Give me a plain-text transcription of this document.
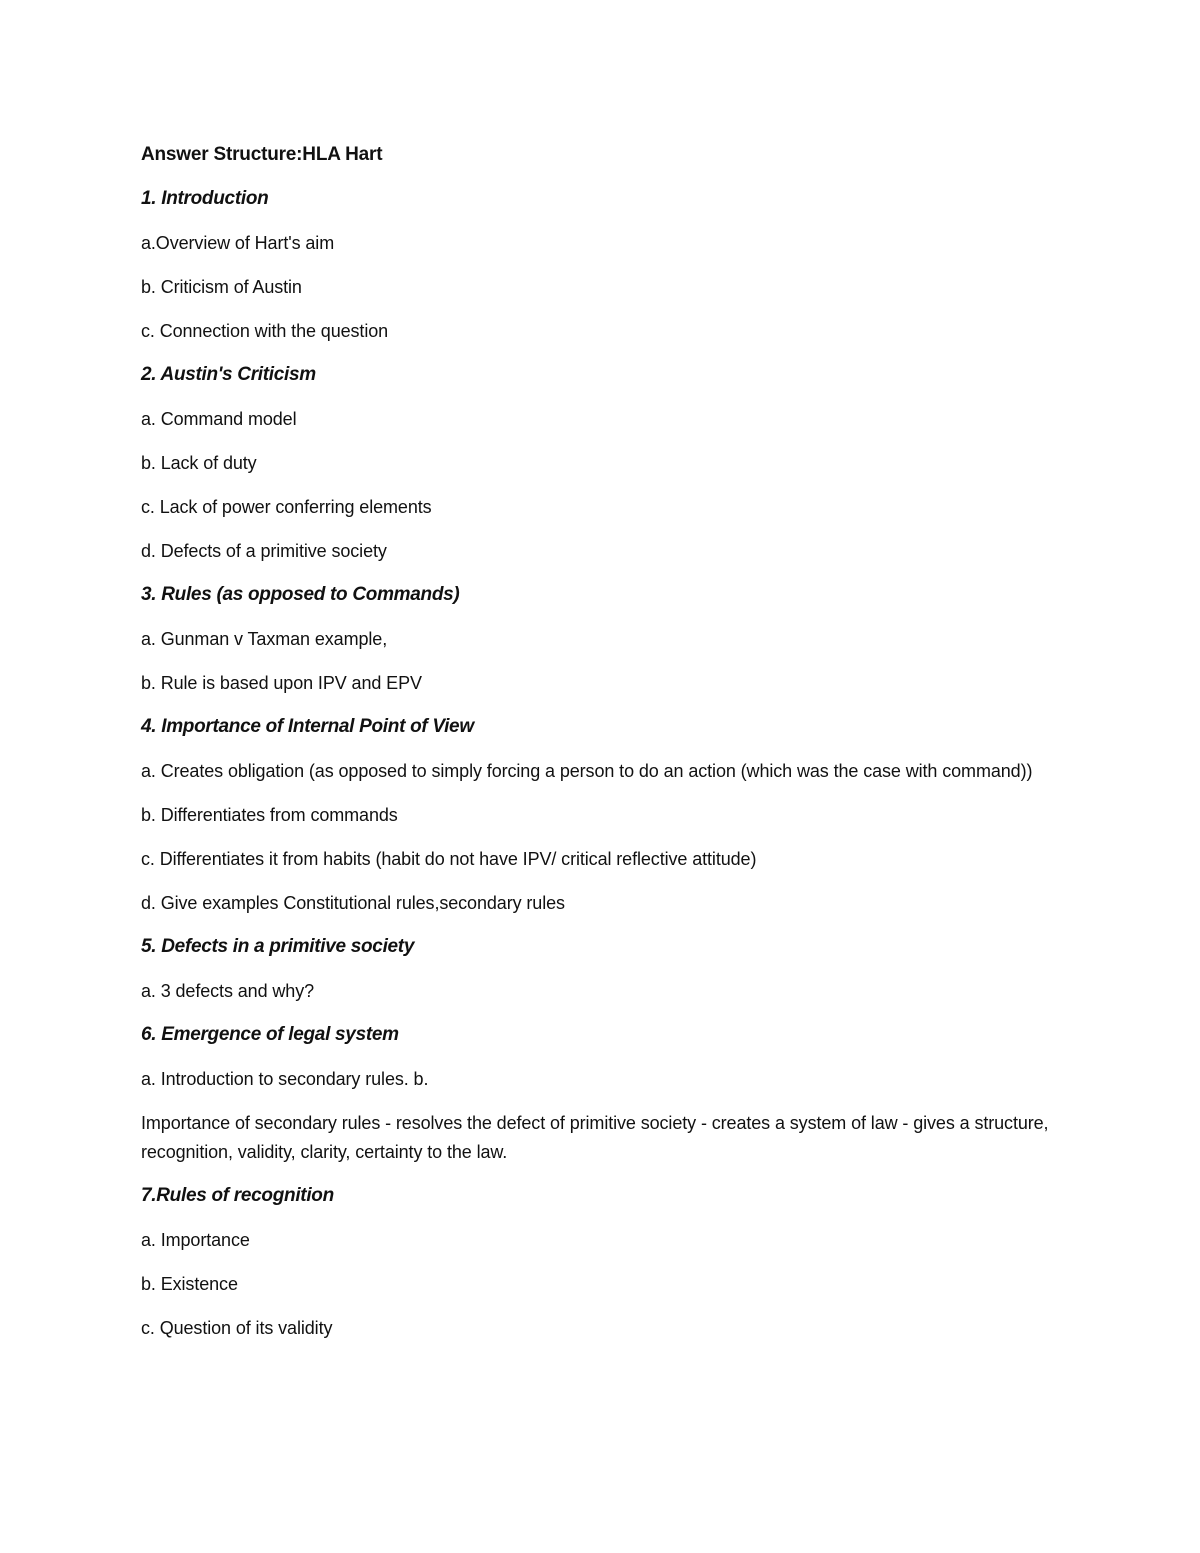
Answer Structure:HLA Hart
1. Introduction
a.Overview of Hart's aim
b. Criticism of Austin
c. Connection with the question
2. Austin's Criticism
a. Command model
b. Lack of duty
c. Lack of power conferring elements
d. Defects of a primitive society
3. Rules (as opposed to Commands)
a. Gunman v Taxman example,
b. Rule is based upon IPV and EPV
4. Importance of Internal Point of View
a. Creates obligation (as opposed to simply forcing a person to do an action (which was the case with command))
b. Differentiates from commands
c. Differentiates it from habits (habit do not have IPV/ critical reflective attitude)
d. Give examples Constitutional rules,secondary rules
5. Defects in a primitive society
a. 3 defects and why?
6. Emergence of legal system
a. Introduction to secondary rules. b.
Importance of secondary rules - resolves the defect of primitive society - creates a system of law - gives a structure, recognition, validity, clarity, certainty to the law.
7.Rules of recognition
a. Importance
b. Existence
c. Question of its validity
